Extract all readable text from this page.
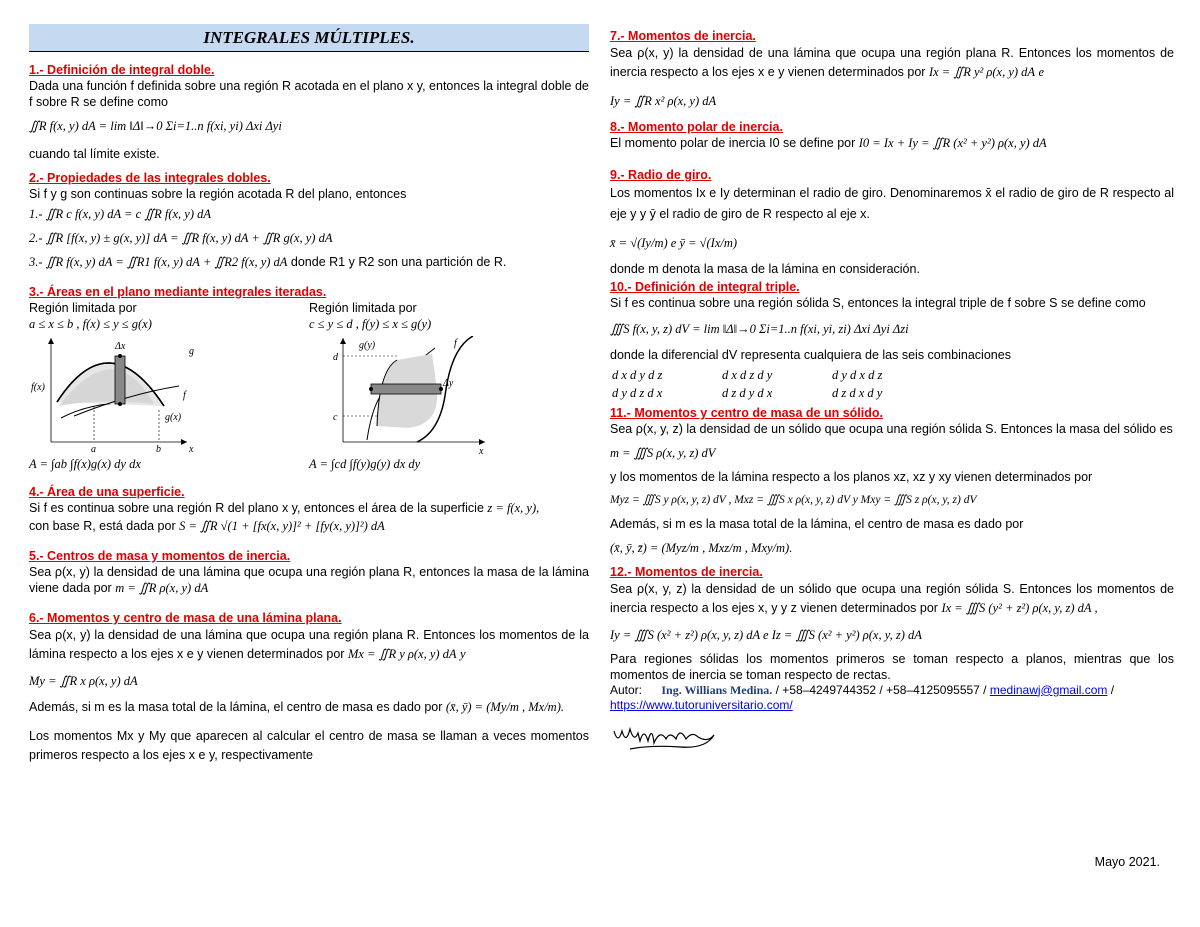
INTEGRALES MÚLTIPLES.
1.- Definición de integral doble.
Dada una función f definida sobre una región R acotada en el plano x y, entonces la integral doble de f sobre R se define como
∬R f(x, y) dA = lim ‖Δ‖→0 Σi=1..n f(xi, yi) Δxi Δyi
cuando tal límite existe.
2.- Propiedades de las integrales dobles.
Si f y g son continuas sobre la región acotada R del plano, entonces
1.- ∬R c f(x, y) dA = c ∬R f(x, y) dA
2.- ∬R [f(x, y) ± g(x, y)] dA = ∬R f(x, y) dA + ∬R g(x, y) dA
3.- ∬R f(x, y) dA = ∬R1 f(x, y) dA + ∬R2 f(x, y) dA donde R1 y R2 son una partición de R.
3.- Áreas en el plano mediante integrales iteradas.
Región limitada por
a ≤ x ≤ b , f(x) ≤ y ≤ g(x)
Región limitada por
c ≤ y ≤ d , f(y) ≤ x ≤ g(y)
f(x)
g
f
g(x)
Δx
a	b	x
g(y)
d
c
f
Δy
x
A = ∫ab ∫f(x)g(x) dy dx	A = ∫cd ∫f(y)g(y) dx dy
4.- Área de una superficie.
Si f es continua sobre una región R del plano x y, entonces el área de la superficie z = f(x, y),
con base R, está dada por S = ∬R √(1 + [fx(x, y)]² + [fy(x, y)]²) dA
5.- Centros de masa y momentos de inercia.
Sea ρ(x, y) la densidad de una lámina que ocupa una región plana R, entonces la masa de la lámina viene dada por m = ∬R ρ(x, y) dA
6.- Momentos y centro de masa de una lámina plana.
Sea ρ(x, y) la densidad de una lámina que ocupa una región plana R. Entonces los momentos de la lámina respecto a los ejes x e y vienen determinados por Mx = ∬R y ρ(x, y) dA y
My = ∬R x ρ(x, y) dA
Además, si m es la masa total de la lámina, el centro de masa es dado por (x̄, ȳ) = (My/m , Mx/m).
Los momentos Mx y My que aparecen al calcular el centro de masa se llaman a veces momentos primeros respecto a los ejes x e y, respectivamente
7.- Momentos de inercia.
Sea ρ(x, y) la densidad de una lámina que ocupa una región plana R. Entonces los momentos de inercia respecto a los ejes x e y vienen determinados por Ix = ∬R y² ρ(x, y) dA e
Iy = ∬R x² ρ(x, y) dA
8.- Momento polar de inercia.
El momento polar de inercia I0 se define por I0 = Ix + Iy = ∬R (x² + y²) ρ(x, y) dA
9.- Radio de giro.
Los momentos Ix e Iy determinan el radio de giro. Denominaremos x̄ el radio de giro de R respecto al eje y y ȳ el radio de giro de R respecto al eje x.
x̄ = √(Iy/m) e ȳ = √(Ix/m)
donde m denota la masa de la lámina en consideración.
10.- Definición de integral triple.
Si f es continua sobre una región sólida S, entonces la integral triple de f sobre S se define como
∭S f(x, y, z) dV = lim ‖Δ‖→0 Σi=1..n f(xi, yi, zi) Δxi Δyi Δzi
donde la diferencial dV representa cualquiera de las seis combinaciones
d x d y d z	d x d z d y	d y d x d z
d y d z d x	d z d y d x	d z d x d y
11.- Momentos y centro de masa de un sólido.
Sea ρ(x, y, z) la densidad de un sólido que ocupa una región sólida S. Entonces la masa del sólido es
m = ∭S ρ(x, y, z) dV
y los momentos de la lámina respecto a los planos xz, xz y xy vienen determinados por
Myz = ∭S y ρ(x, y, z) dV , Mxz = ∭S x ρ(x, y, z) dV y Mxy = ∭S z ρ(x, y, z) dV
Además, si m es la masa total de la lámina, el centro de masa es dado por
(x̄, ȳ, z̄) = (Myz/m , Mxz/m , Mxy/m).
12.- Momentos de inercia.
Sea ρ(x, y, z) la densidad de un sólido que ocupa una región sólida S. Entonces los momentos de inercia respecto a los ejes x, y y z vienen determinados por Ix = ∭S (y² + z²) ρ(x, y, z) dA ,
Iy = ∭S (x² + z²) ρ(x, y, z) dA e Iz = ∭S (x² + y²) ρ(x, y, z) dA
Para regiones sólidas los momentos primeros se toman respecto a planos, mientras que los momentos de inercia se toman respecto de rectas.
Autor: Ing. Willians Medina. / +58–4249744352 / +58–4125095557 / medinawj@gmail.com /
https://www.tutoruniversitario.com/
Mayo 2021.
